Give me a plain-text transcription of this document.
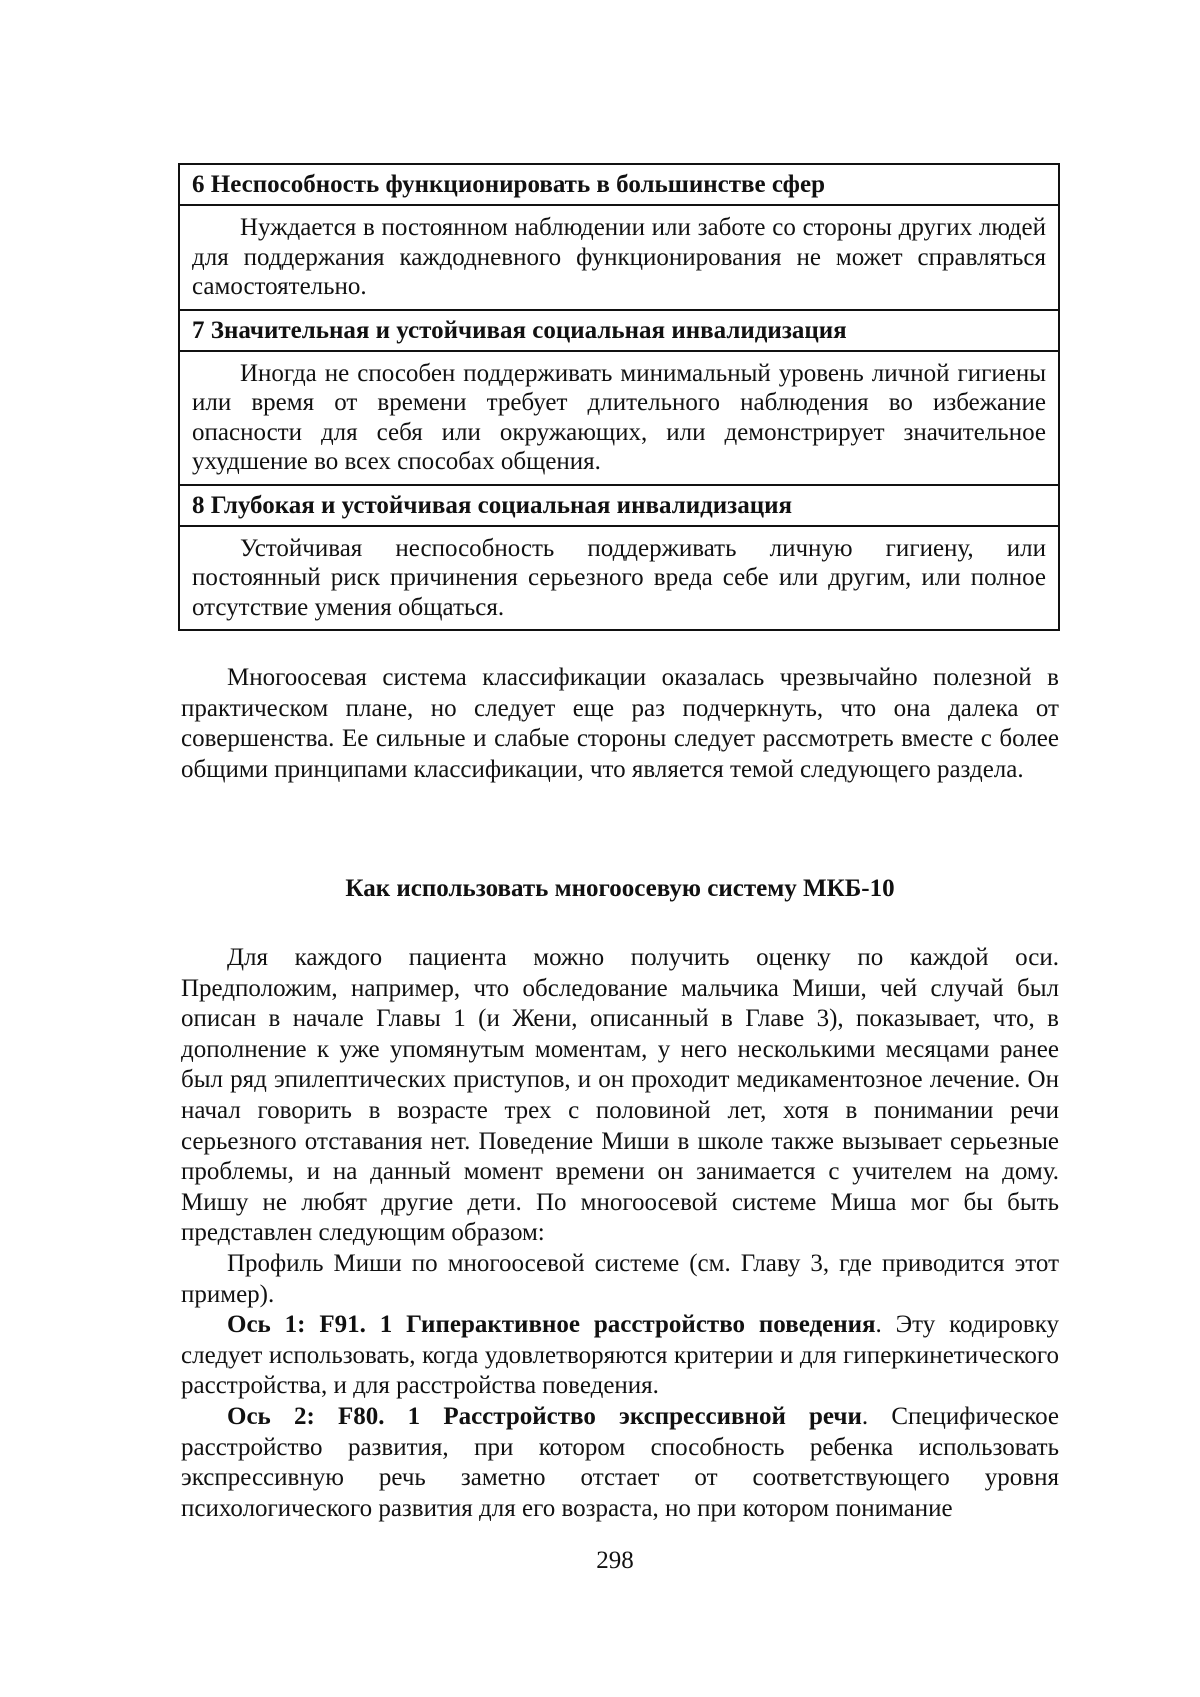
6 Неспособность функционировать в большинстве сфер
Нуждается в постоянном наблюдении или заботе со стороны других людей для поддержания каждодневного функционирования не может справляться самостоятельно.
7 Значительная и устойчивая социальная инвалидизация
Иногда не способен поддерживать минимальный уровень личной гигиены или время от времени требует длительного наблюдения во избежание опасности для себя или окружающих, или демонстрирует значительное ухудшение во всех способах общения.
8 Глубокая и устойчивая социальная инвалидизация
Устойчивая неспособность поддерживать личную гигиену, или постоянный риск причинения серьезного вреда себе или другим, или полное отсутствие умения общаться.

Многоосевая система классификации оказалась чрезвычайно полезной в практическом плане, но следует еще раз подчеркнуть, что она далека от совершенства. Ее сильные и слабые стороны следует рассмотреть вместе с более общими принципами классификации, что является темой следующего раздела.

Как использовать многоосевую систему МКБ-10

Для каждого пациента можно получить оценку по каждой оси. Предположим, например, что обследование мальчика Миши, чей случай был описан в начале Главы 1 (и Жени, описанный в Главе 3), показывает, что, в дополнение к уже упомянутым моментам, у него несколькими месяцами ранее был ряд эпилептических приступов, и он проходит медикаментозное лечение. Он начал говорить в возрасте трех с половиной лет, хотя в понимании речи серьезного отставания нет. Поведение Миши в школе также вызывает серьезные проблемы, и на данный момент времени он занимается с учителем на дому. Мишу не любят другие дети. По многоосевой системе Миша мог бы быть представлен следующим образом:

Профиль Миши по многоосевой системе (см. Главу 3, где приводится этот пример).

Ось 1: F91. 1 Гиперактивное расстройство поведения. Эту кодировку следует использовать, когда удовлетворяются критерии и для гиперкинетического расстройства, и для расстройства поведения.

Ось 2: F80. 1 Расстройство экспрессивной речи. Специфическое расстройство развития, при котором способность ребенка использовать экспрессивную речь заметно отстает от соответствующего уровня психологического развития для его возраста, но при котором понимание

298
